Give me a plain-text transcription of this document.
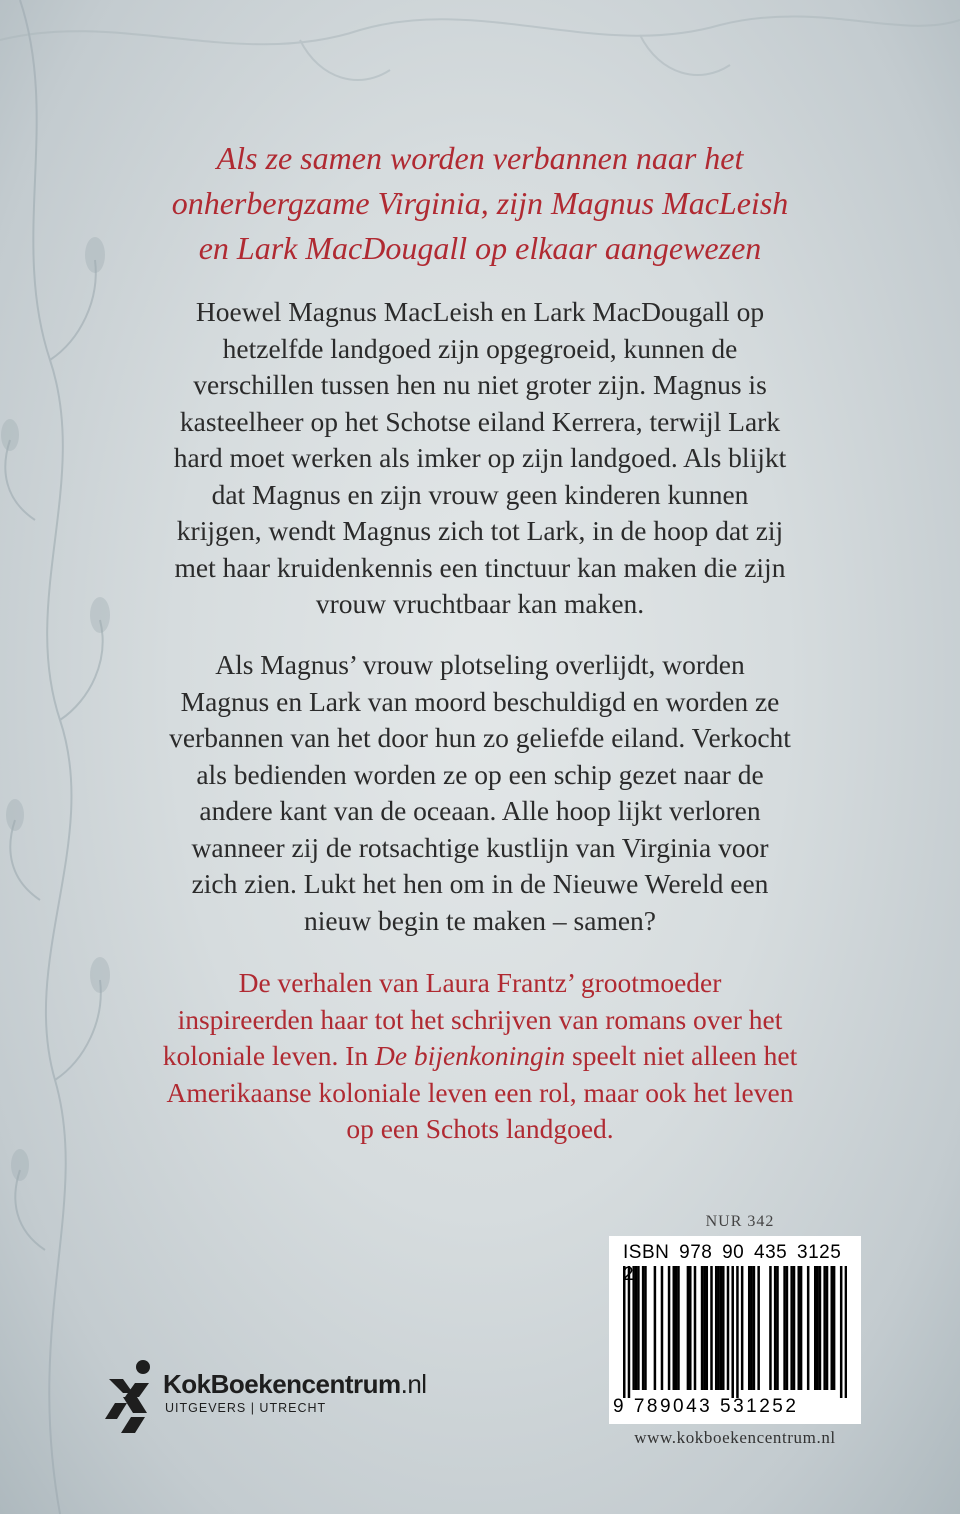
Als ze samen worden verbannen naar het
onherbergzame Virginia, zijn Magnus MacLeish
en Lark MacDougall op elkaar aangewezen
Hoewel Magnus MacLeish en Lark MacDougall op
hetzelfde landgoed zijn opgegroeid, kunnen de
verschillen tussen hen nu niet groter zijn. Magnus is
kasteelheer op het Schotse eiland Kerrera, terwijl Lark
hard moet werken als imker op zijn landgoed. Als blijkt
dat Magnus en zijn vrouw geen kinderen kunnen
krijgen, wendt Magnus zich tot Lark, in de hoop dat zij
met haar kruidenkennis een tinctuur kan maken die zijn
vrouw vruchtbaar kan maken.
Als Magnus’ vrouw plotseling overlijdt, worden
Magnus en Lark van moord beschuldigd en worden ze
verbannen van het door hun zo geliefde eiland. Verkocht
als bedienden worden ze op een schip gezet naar de
andere kant van de oceaan. Alle hoop lijkt verloren
wanneer zij de rotsachtige kustlijn van Virginia voor
zich zien. Lukt het hen om in de Nieuwe Wereld een
nieuw begin te maken – samen?
De verhalen van Laura Frantz’ grootmoeder
inspireerden haar tot het schrijven van romans over het
koloniale leven. In De bijenkoningin speelt niet alleen het
Amerikaanse koloniale leven een rol, maar ook het leven
op een Schots landgoed.
NUR 342
ISBN 978 90 435 3125
9 789043 531252
www.kokboekencentrum.nl
KokBoekencentrum.nl
UITGEVERS | UTRECHT
